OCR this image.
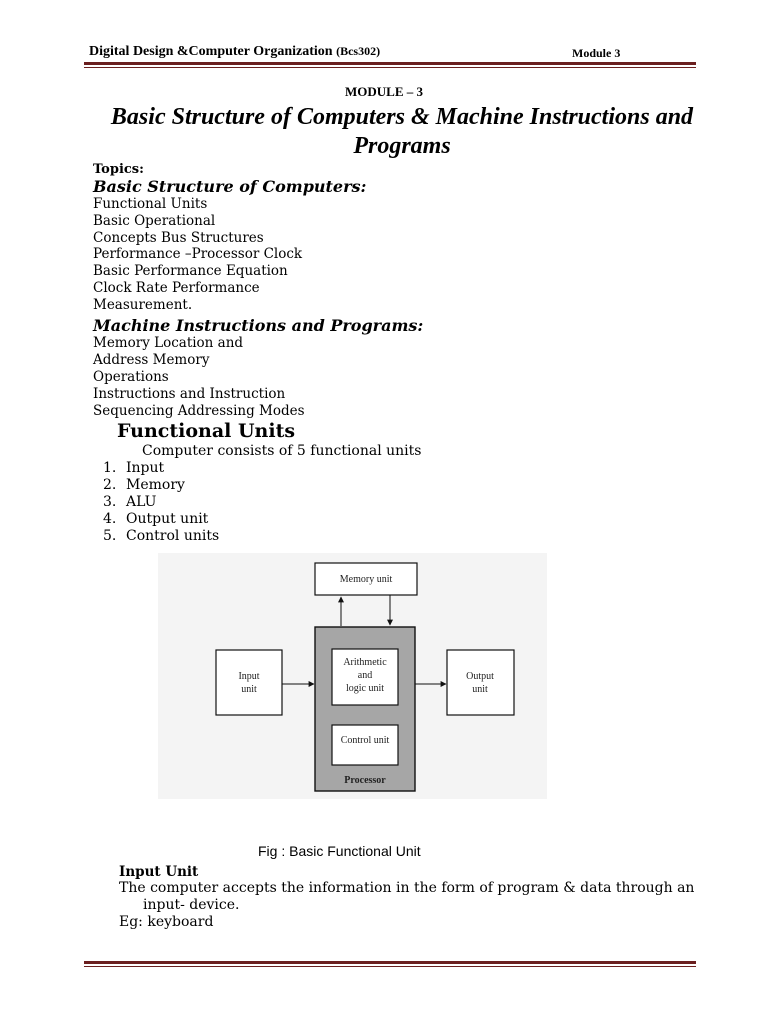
Digital Design &Computer Organization (Bcs302)	Module 3
MODULE – 3
Basic Structure of Computers & Machine Instructions and Programs
Topics:
Basic Structure of Computers:
Functional Units
Basic Operational
Concepts Bus Structures
Performance –Processor Clock
Basic Performance Equation
Clock Rate Performance
Measurement.
Machine Instructions and Programs:
Memory Location and
Address Memory
Operations
Instructions and Instruction
Sequencing Addressing Modes
Functional Units
Computer consists of 5 functional units
1. Input
2. Memory
3. ALU
4. Output unit
5. Control units
Memory unit
Arithmetic
and
logic unit
Control unit
Processor
Input
unit
Output
unit
Fig : Basic Functional Unit
Input Unit
The computer accepts the information in the form of program & data through an
input- device.
Eg: keyboard
